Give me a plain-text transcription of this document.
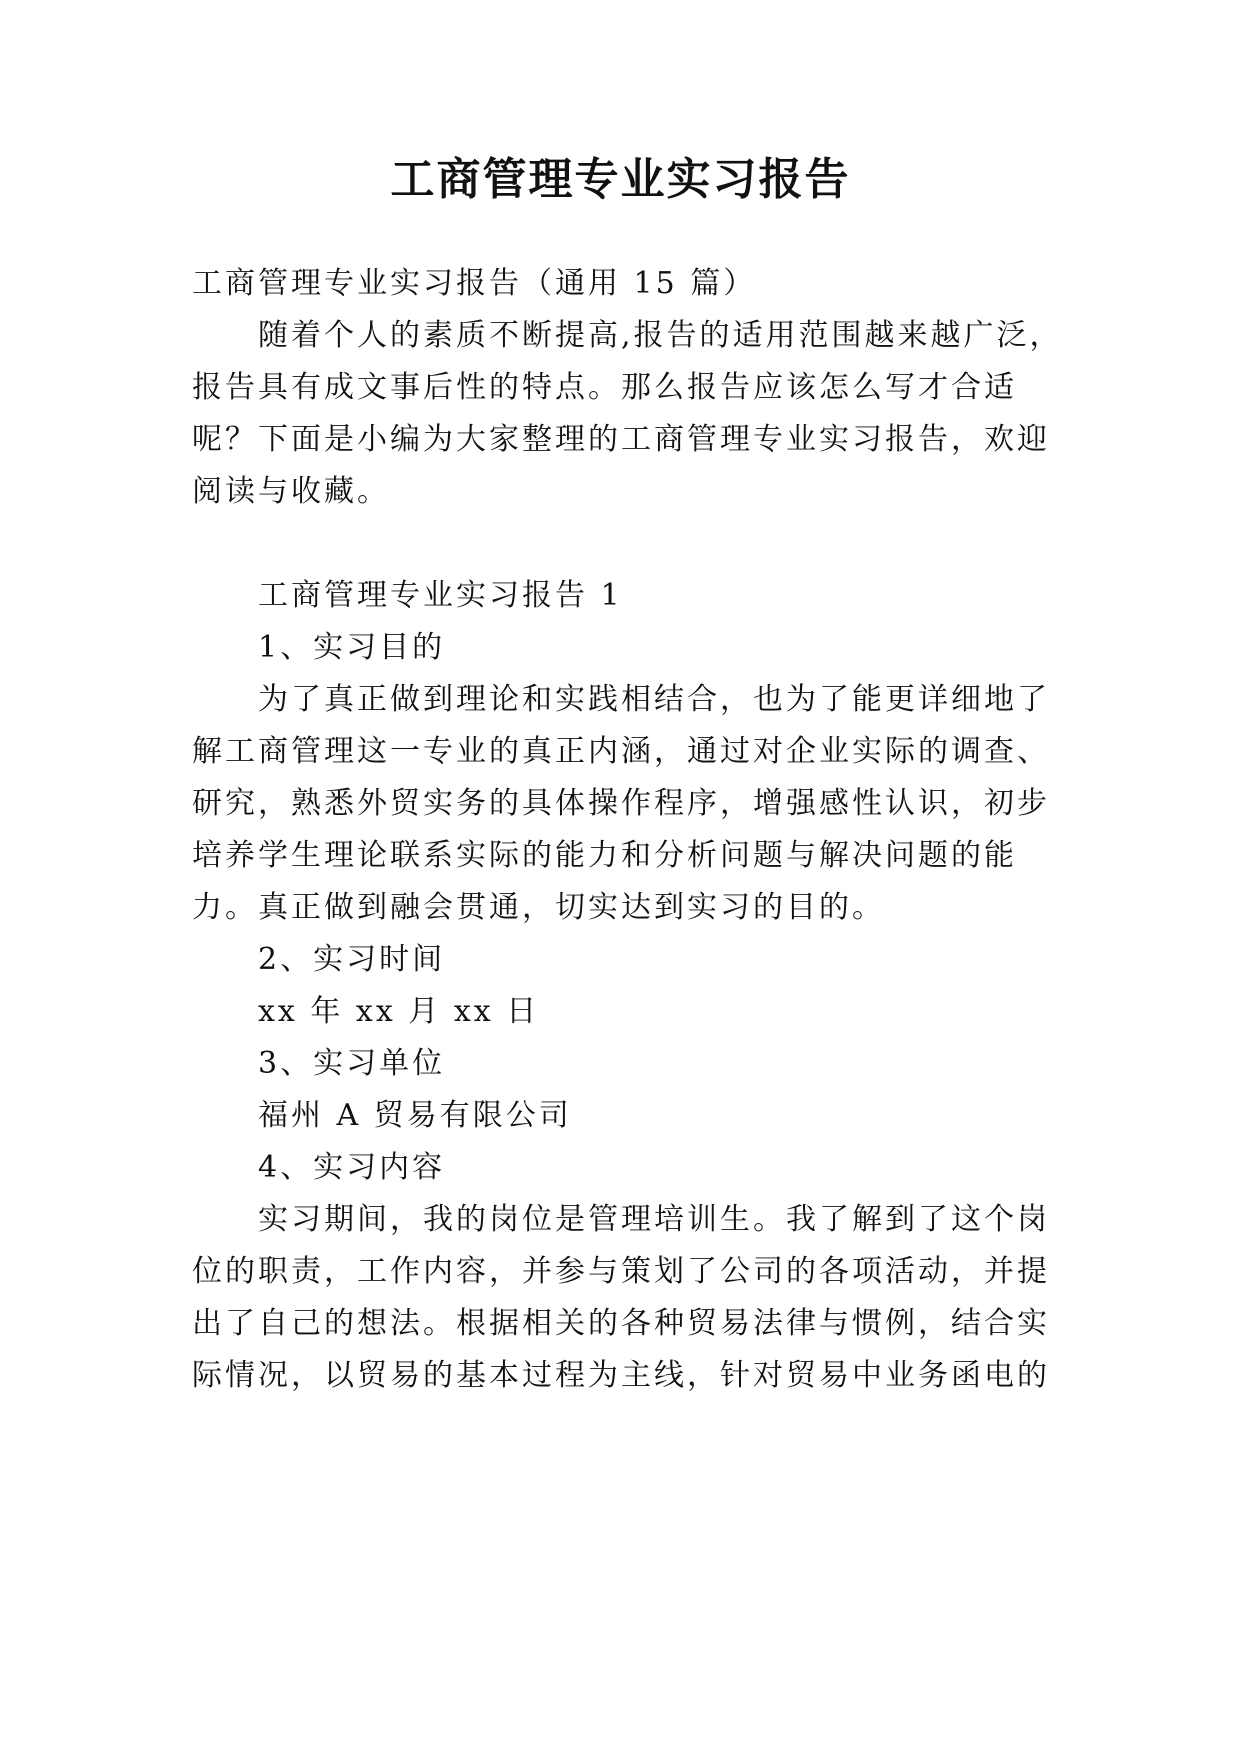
工商管理专业实习报告
工商管理专业实习报告（通用 15 篇）
随着个人的素质不断提高,报告的适用范围越来越广泛，
报告具有成文事后性的特点。那么报告应该怎么写才合适
呢？下面是小编为大家整理的工商管理专业实习报告，欢迎
阅读与收藏。
工商管理专业实习报告 1
1、实习目的
为了真正做到理论和实践相结合，也为了能更详细地了
解工商管理这一专业的真正内涵，通过对企业实际的调查、
研究，熟悉外贸实务的具体操作程序，增强感性认识，初步
培养学生理论联系实际的能力和分析问题与解决问题的能
力。真正做到融会贯通，切实达到实习的目的。
2、实习时间
xx 年 xx 月 xx 日
3、实习单位
福州 A 贸易有限公司
4、实习内容
实习期间，我的岗位是管理培训生。我了解到了这个岗
位的职责，工作内容，并参与策划了公司的各项活动，并提
出了自己的想法。根据相关的各种贸易法律与惯例，结合实
际情况，以贸易的基本过程为主线，针对贸易中业务函电的
